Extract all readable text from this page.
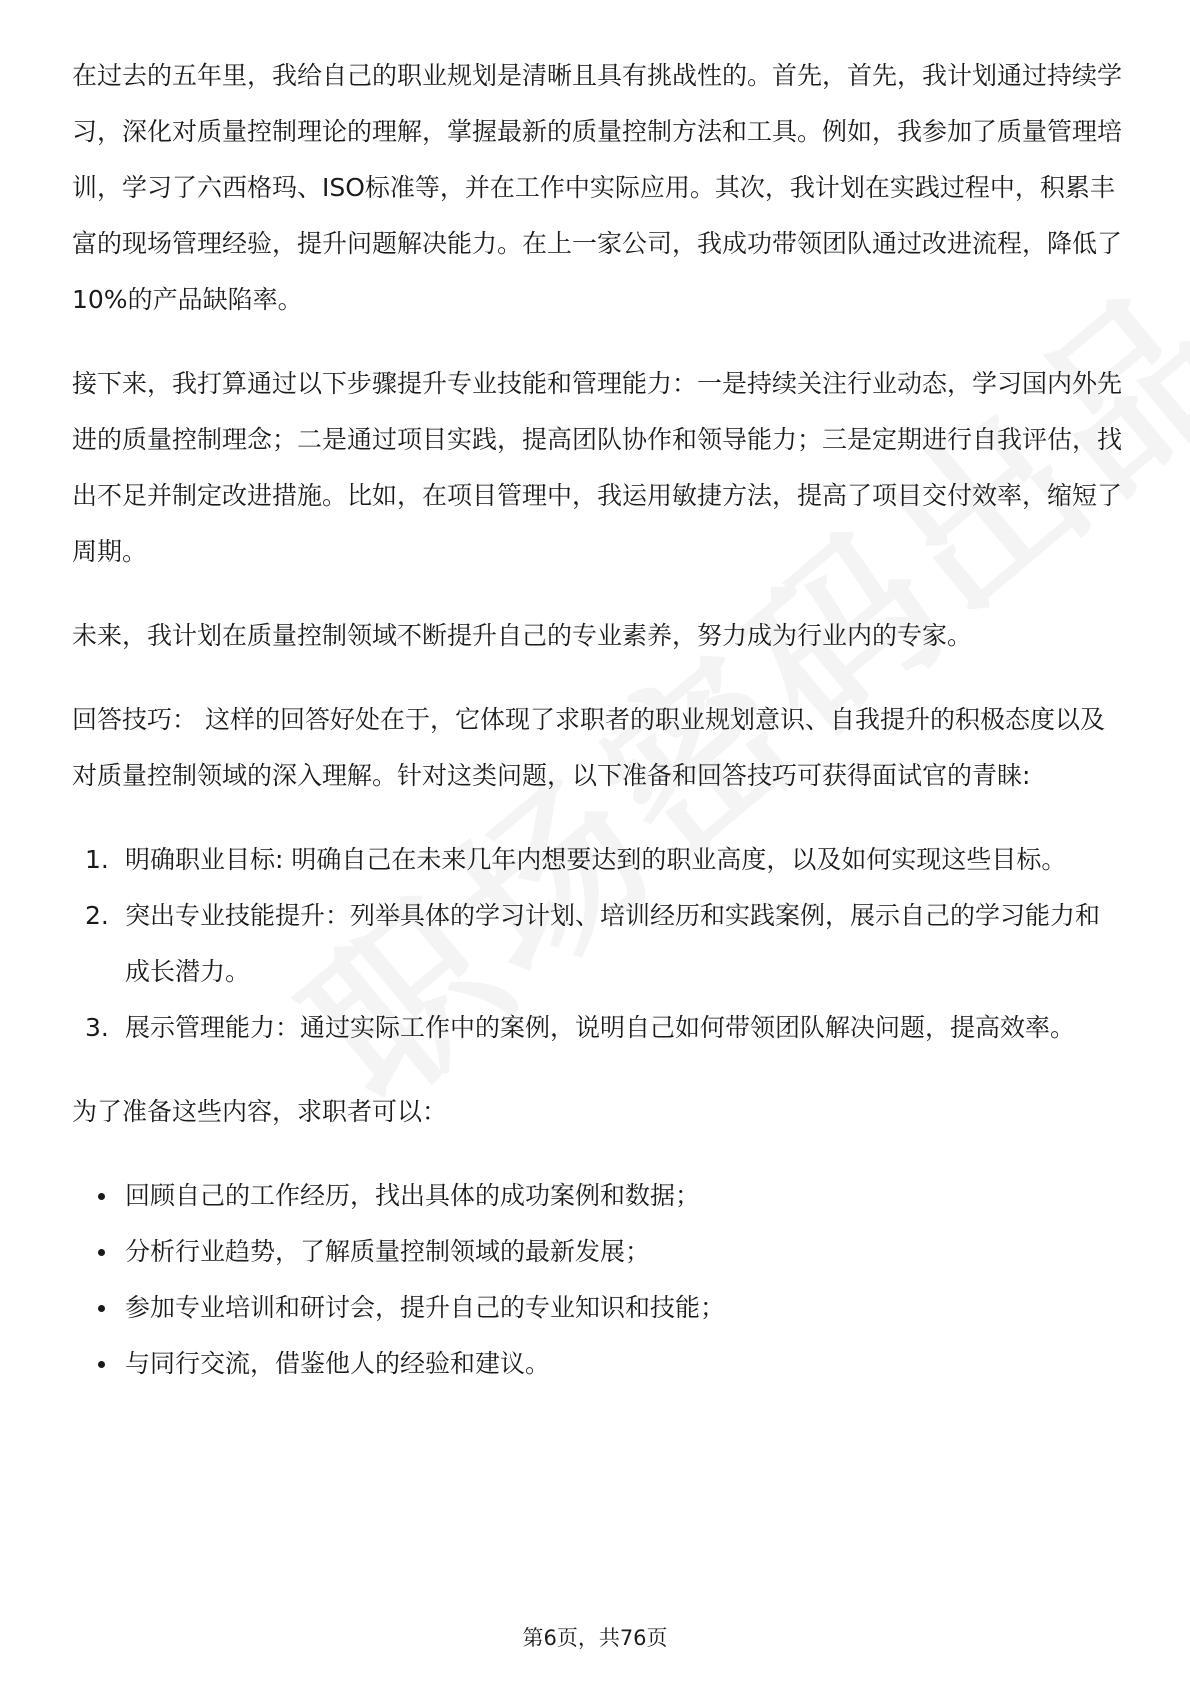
在过去的五年里，我给自己的职业规划是清晰且具有挑战性的。首先，首先，我计划通过持续学习，深化对质量控制理论的理解，掌握最新的质量控制方法和工具。例如，我参加了质量管理培训，学习了六西格玛、ISO标准等，并在工作中实际应用。其次，我计划在实践过程中，积累丰富的现场管理经验，提升问题解决能力。在上一家公司，我成功带领团队通过改进流程，降低了10%的产品缺陷率。

接下来，我打算通过以下步骤提升专业技能和管理能力：一是持续关注行业动态，学习国内外先进的质量控制理念；二是通过项目实践，提高团队协作和领导能力；三是定期进行自我评估，找出不足并制定改进措施。比如，在项目管理中，我运用敏捷方法，提高了项目交付效率，缩短了周期。

未来，我计划在质量控制领域不断提升自己的专业素养，努力成为行业内的专家。

回答技巧： 这样的回答好处在于，它体现了求职者的职业规划意识、自我提升的积极态度以及对质量控制领域的深入理解。针对这类问题，以下准备和回答技巧可获得面试官的青睐:

1. 明确职业目标: 明确自己在未来几年内想要达到的职业高度，以及如何实现这些目标。
2. 突出专业技能提升：列举具体的学习计划、培训经历和实践案例，展示自己的学习能力和成长潜力。
3. 展示管理能力：通过实际工作中的案例，说明自己如何带领团队解决问题，提高效率。

为了准备这些内容，求职者可以：

回顾自己的工作经历，找出具体的成功案例和数据；
分析行业趋势，了解质量控制领域的最新发展；
参加专业培训和研讨会，提升自己的专业知识和技能；
与同行交流，借鉴他人的经验和建议。
第6页，共76页
